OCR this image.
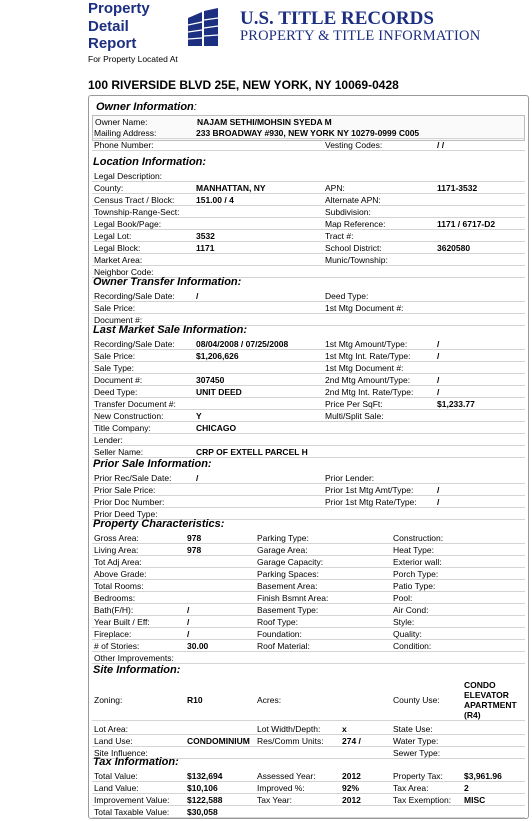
Property
Detail
Report
For Property Located At
100 RIVERSIDE BLVD 25E, NEW YORK, NY 10069-0428
U.S. TITLE RECORDS
PROPERTY & TITLE INFORMATION
Owner Information:
Owner Name:	NAJAM SETHI/MOHSIN SYEDA M
Mailing Address:	233 BROADWAY #930, NEW YORK NY 10279-0999 C005
Phone Number:	Vesting Codes:	/ /
Location Information:
Legal Description:
County:	MANHATTAN, NY	APN:	1171-3532
Census Tract / Block:	151.00 / 4	Alternate APN:
Township-Range-Sect:	Subdivision:
Legal Book/Page:	Map Reference:	1171 / 6717-D2
Legal Lot:	3532	Tract #:
Legal Block:	1171	School District:	3620580
Market Area:	Munic/Township:
Neighbor Code:
Owner Transfer Information:
Recording/Sale Date: /	Deed Type:
Sale Price:	1st Mtg Document #:
Document #:
Last Market Sale Information:
Recording/Sale Date: 08/04/2008 / 07/25/2008	1st Mtg Amount/Type:	/
Sale Price:	$1,206,626	1st Mtg Int. Rate/Type:	/
Sale Type:	1st Mtg Document #:
Document #:	307450	2nd Mtg Amount/Type:	/
Deed Type:	UNIT DEED	2nd Mtg Int. Rate/Type:	/
Transfer Document #:	Price Per SqFt:	$1,233.77
New Construction:	Y	Multi/Split Sale:
Title Company:	CHICAGO
Lender:
Seller Name:	CRP OF EXTELL PARCEL H
Prior Sale Information:
Prior Rec/Sale Date:	/	Prior Lender:
Prior Sale Price:	Prior 1st Mtg Amt/Type:	/
Prior Doc Number:	Prior 1st Mtg Rate/Type: /
Prior Deed Type:
Property Characteristics:
Gross Area:	978	Parking Type:	Construction:
Living Area:	978	Garage Area:	Heat Type:
Tot Adj Area:	Garage Capacity:	Exterior wall:
Above Grade:	Parking Spaces:	Porch Type:
Total Rooms:	Basement Area:	Patio Type:
Bedrooms:	Finish Bsmnt Area:	Pool:
Bath(F/H):	/	Basement Type:	Air Cond:
Year Built / Eff:	/	Roof Type:	Style:
Fireplace:	/	Foundation:	Quality:
# of Stories:	30.00	Roof Material:	Condition:
Other Improvements:
Site Information:
Zoning:	R10	Acres:	County Use:
CONDO ELEVATOR APARTMENT (R4)
Lot Area:	Lot Width/Depth:	x	State Use:
Land Use:	CONDOMINIUM Res/Comm Units: 274 /	Water Type:
Site Influence:	Sewer Type:
Tax Information:
Total Value:	$132,694	Assessed Year:	2012	Property Tax: $3,961.96
Land Value:	$10,106	Improved %:	92%	Tax Area:	2
Improvement Value: $122,588	Tax Year:	2012	Tax Exemption: MISC
Total Taxable Value: $30,058
